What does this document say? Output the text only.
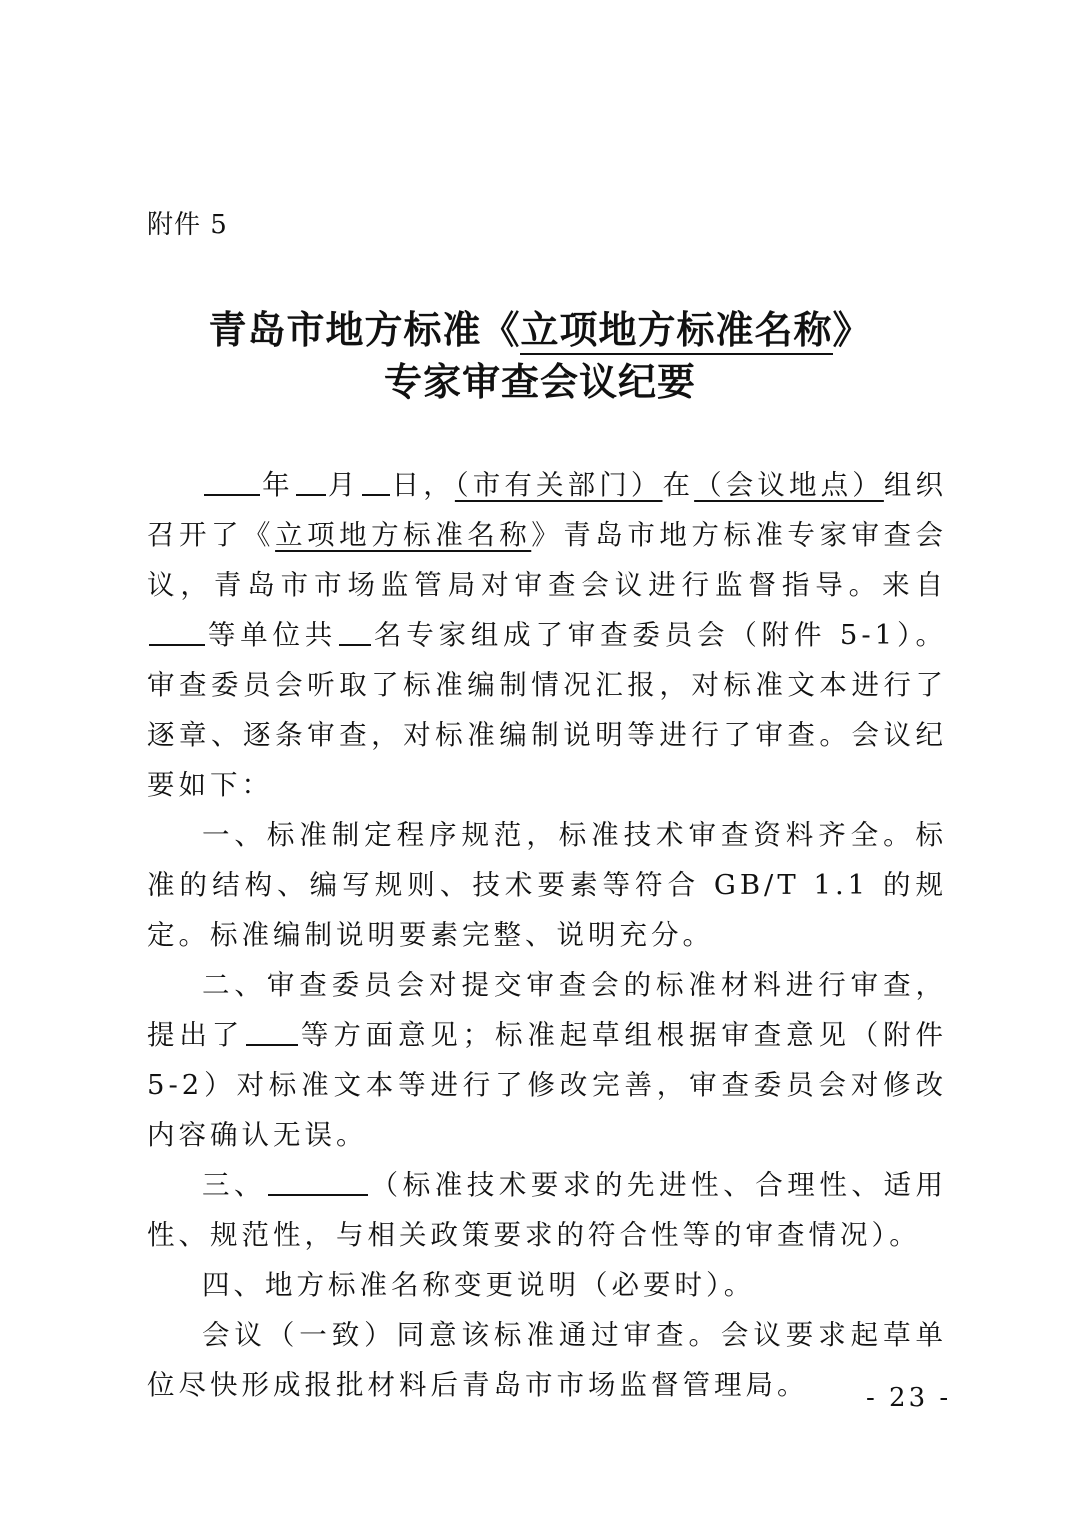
附件 5
青岛市地方标准《立项地方标准名称》
专家审查会议纪要

年 月 日，（市有关部门）在（会议地点）组织召开了《立项地方标准名称》青岛市地方标准专家审查会议，青岛市市场监管局对审查会议进行监督指导。来自等单位共 名专家组成了审查委员会（附件 5-1）。审查委员会听取了标准编制情况汇报，对标准文本进行了逐章、逐条审查，对标准编制说明等进行了审查。会议纪要如下：

一、标准制定程序规范，标准技术审查资料齐全。标准的结构、编写规则、技术要素等符合 GB/T 1.1 的规定。标准编制说明要素完整、说明充分。

二、审查委员会对提交审查会的标准材料进行审查，提出了 等方面意见；标准起草组根据审查意见（附件 5-2）对标准文本等进行了修改完善，审查委员会对修改内容确认无误。

三、	（标准技术要求的先进性、合理性、适用性、规范性，与相关政策要求的符合性等的审查情况）。

四、地方标准名称变更说明（必要时）。

会议（一致）同意该标准通过审查。会议要求起草单位尽快形成报批材料后青岛市市场监督管理局。	- 23 -
